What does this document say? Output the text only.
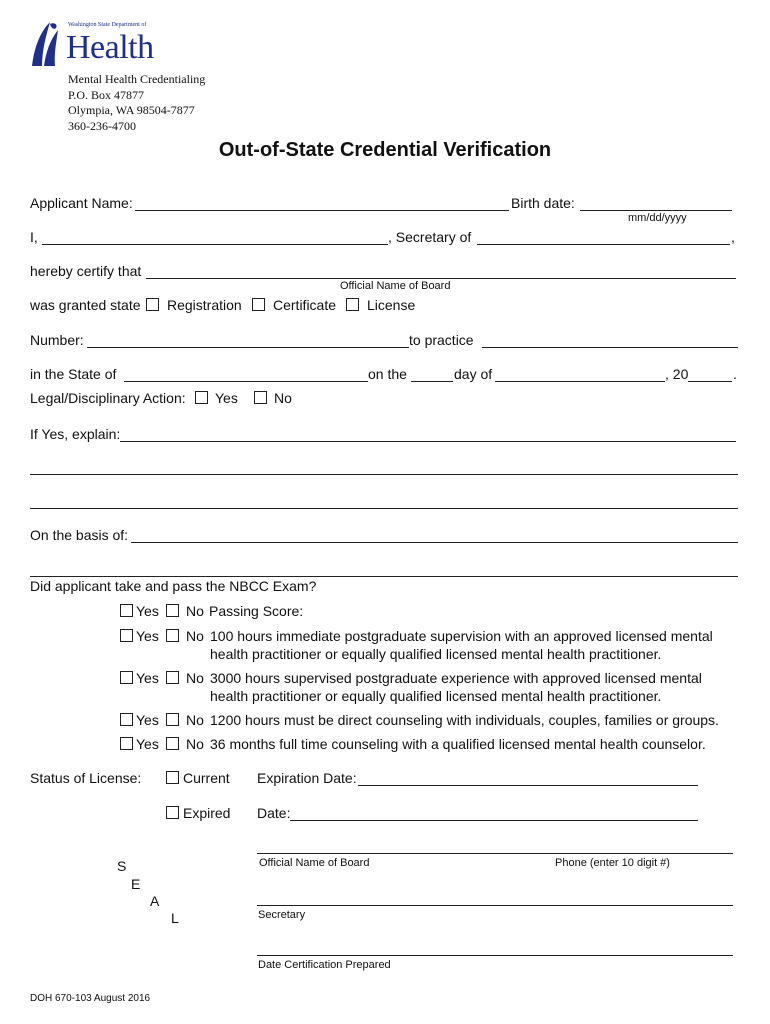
Washington State Department of
Health
Mental Health Credentialing
P.O. Box 47877
Olympia, WA 98504-7877
360-236-4700
Out-of-State Credential Verification
Applicant Name:	Birth date:
mm/dd/yyyy
I,	, Secretary of	,
hereby certify that
Official Name of Board
was granted state Registration Certificate License
Number:	to practice
in the State of	on the	day of	, 20	.
Legal/Disciplinary Action: Yes	No
If Yes, explain:
On the basis of:
Did applicant take and pass the NBCC Exam?
Yes No Passing Score:
Yes No 100 hours immediate postgraduate supervision with an approved licensed mental
health practitioner or equally qualified licensed mental health practitioner.
Yes No 3000 hours supervised postgraduate experience with approved licensed mental
health practitioner or equally qualified licensed mental health practitioner.
Yes No 1200 hours must be direct counseling with individuals, couples, families or groups.
Yes No 36 months full time counseling with a qualified licensed mental health counselor.
Status of License:	Current Expiration Date:
Expired Date:
S
E
A
L
Official Name of Board	Phone (enter 10 digit #)
Secretary
Date Certification Prepared
DOH 670-103 August 2016
